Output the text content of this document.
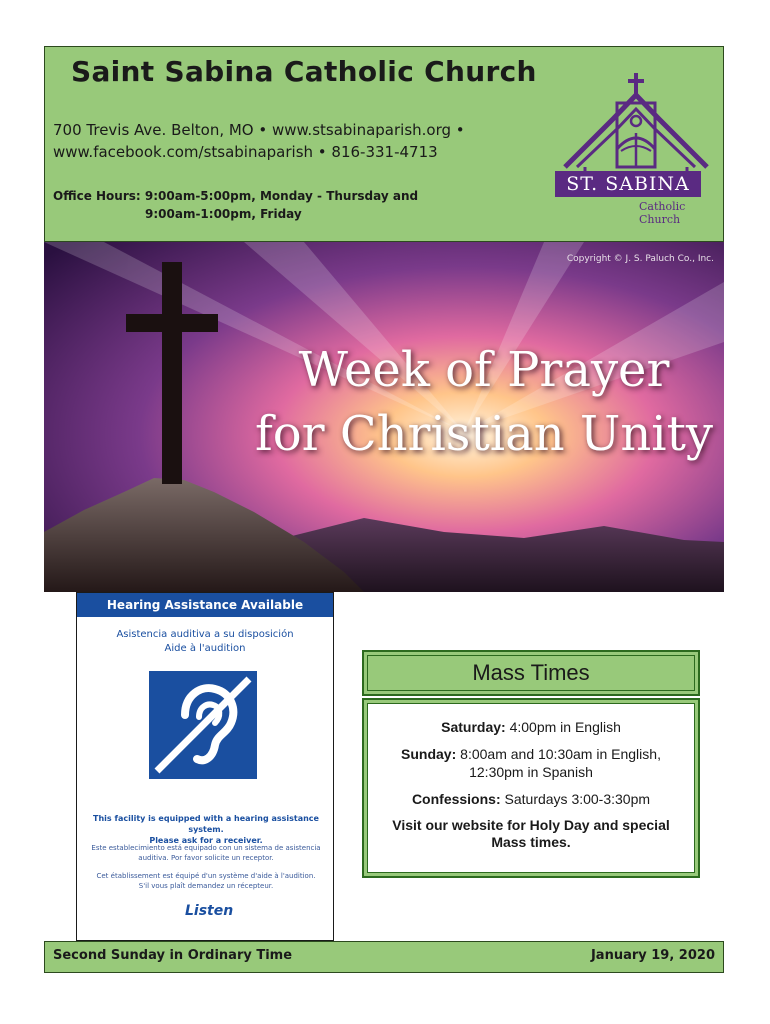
Saint Sabina Catholic Church
700 Trevis Ave. Belton, MO • www.stsabinaparish.org •
www.facebook.com/stsabinaparish • 816-331-4713
Office Hours: 9:00am-5:00pm, Monday - Thursday and
9:00am-1:00pm, Friday
ST. SABINA
Catholic Church
Copyright © J. S. Paluch Co., Inc.
Week of Prayer
for Christian Unity
Hearing Assistance Available
Asistencia auditiva a su disposición
Aide à l'audition
This facility is equipped with a hearing assistance system.
Please ask for a receiver.
Este establecimiento está equipado con un sistema de asistencia auditiva. Por favor solicite un receptor.
Cet établissement est équipé d'un système d'aide à l'audition. S'il vous plaît demandez un récepteur.
Listen
Mass Times
Saturday: 4:00pm in English
Sunday: 8:00am and 10:30am in English,
12:30pm in Spanish
Confessions: Saturdays 3:00-3:30pm
Visit our website for Holy Day and special
Mass times.
Second Sunday in Ordinary Time	January 19, 2020
